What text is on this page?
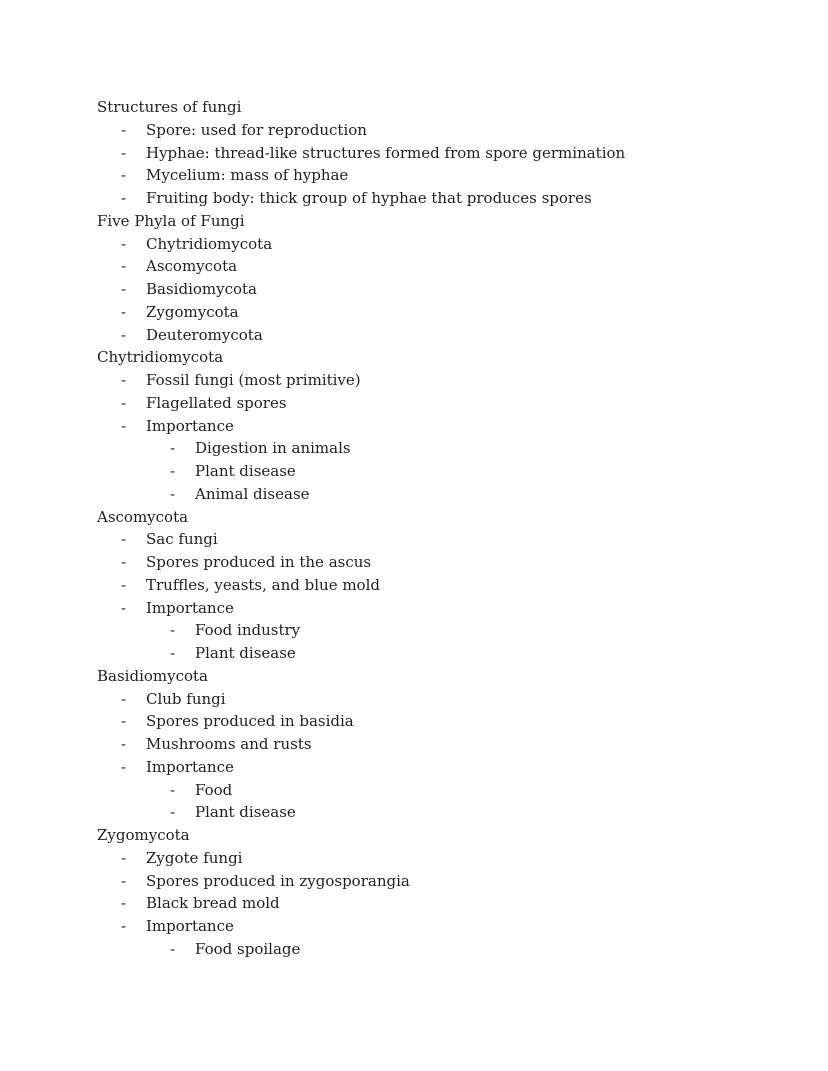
Structures of fungi
-	Spore: used for reproduction
-	Hyphae: thread-like structures formed from spore germination
-	Mycelium: mass of hyphae
-	Fruiting body: thick group of hyphae that produces spores
Five Phyla of Fungi
-	Chytridiomycota
-	Ascomycota
-	Basidiomycota
-	Zygomycota
-	Deuteromycota
Chytridiomycota
-	Fossil fungi (most primitive)
-	Flagellated spores
-	Importance
-	Digestion in animals
-	Plant disease
-	Animal disease
Ascomycota
-	Sac fungi
-	Spores produced in the ascus
-	Truffles, yeasts, and blue mold
-	Importance
-	Food industry
-	Plant disease
Basidiomycota
-	Club fungi
-	Spores produced in basidia
-	Mushrooms and rusts
-	Importance
-	Food
-	Plant disease
Zygomycota
-	Zygote fungi
-	Spores produced in zygosporangia
-	Black bread mold
-	Importance
-	Food spoilage
